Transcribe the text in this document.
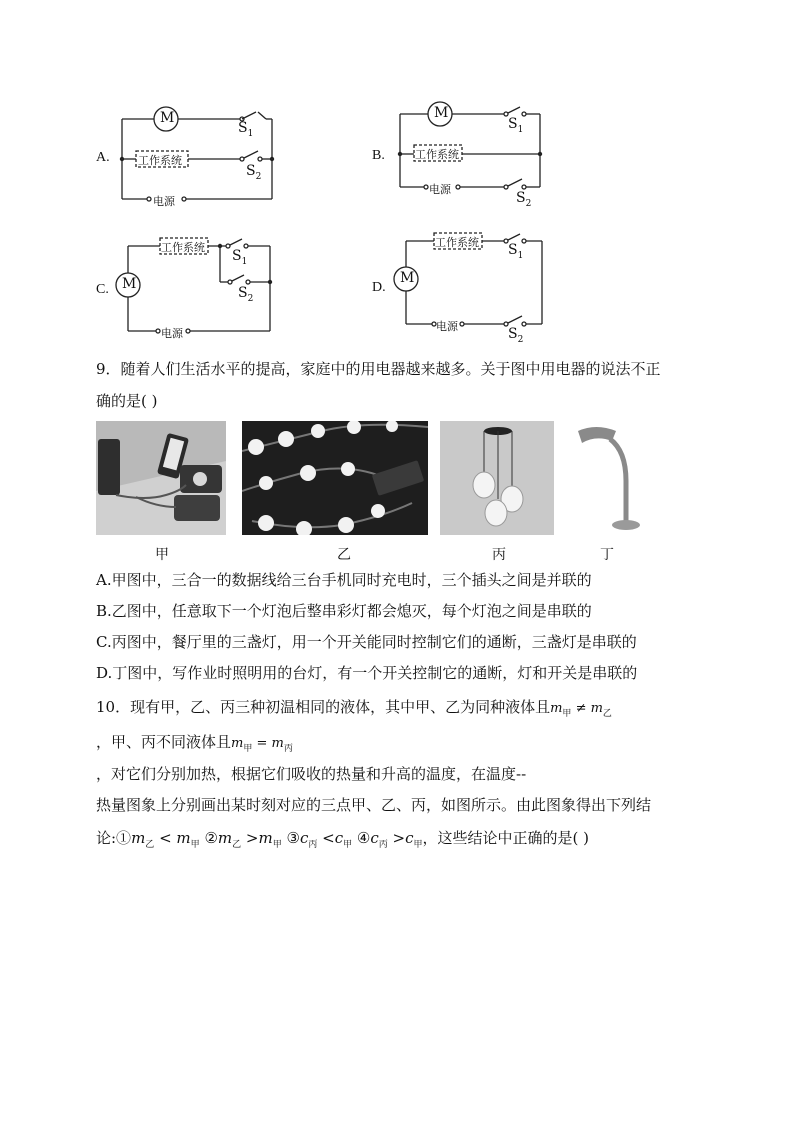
A.
M
工作系统
$S_1$
$S_2$
电源
B.
M
工作系统
$S_1$
$S_2$
电源
C. M
工作系统
$S_1$
$S_2$
电源
D.
M
工作系统 $S_1$
$S_2$
电源
9．随着人们生活水平的提高，家庭中的用电器越来越多。关于图中用电器的说法不正
确的是( )
甲	乙	丙	丁
A.甲图中，三合一的数据线给三台手机同时充电时，三个插头之间是并联的
B.乙图中，任意取下一个灯泡后整串彩灯都会熄灭，每个灯泡之间是串联的
C.丙图中，餐厅里的三盏灯，用一个开关能同时控制它们的通断，三盏灯是串联的
D.丁图中，写作业时照明用的台灯，有一个开关控制它的通断，灯和开关是串联的
10．现有甲，乙、丙三种初温相同的液体，其中甲、乙为同种液体且$m_甲 \ne m_乙$
，甲、丙不同液体且$m_甲 = m_丙$
，对它们分别加热，根据它们吸收的热量和升高的温度，在温度--
热量图象上分别画出某时刻对应的三点甲、乙、丙，如图所示。由此图象得出下列结
论$:①m_乙 < m_甲$ $②m_乙 >m_甲$ $③c_丙 <c_甲$ $④c_丙 >c_甲$，这些结论中正确的是( )
